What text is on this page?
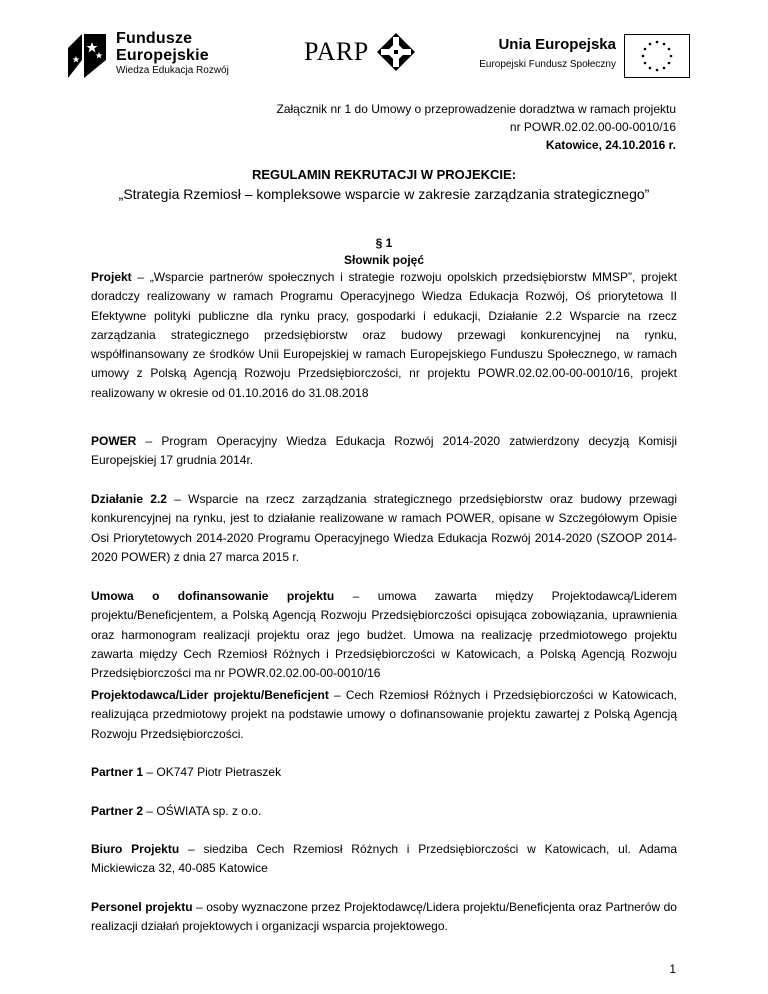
Fundusze
Europejskie
Wiedza Edukacja Rozwój
PARP	Unia Europejska
Europejski Fundusz Społeczny
Załącznik nr 1 do Umowy o przeprowadzenie doradztwa w ramach projektu
nr POWR.02.02.00-00-0010/16
Katowice, 24.10.2016 r.
REGULAMIN REKRUTACJI W PROJEKCIE:
„Strategia Rzemiosł – kompleksowe wsparcie w zakresie zarządzania strategicznego”
§ 1
Słownik pojęć
Projekt – „Wsparcie partnerów społecznych i strategie rozwoju opolskich przedsiębiorstw MMSP”, projekt doradczy realizowany w ramach Programu Operacyjnego Wiedza Edukacja Rozwój, Oś priorytetowa II Efektywne polityki publiczne dla rynku pracy, gospodarki i edukacji, Działanie 2.2 Wsparcie na rzecz zarządzania strategicznego przedsiębiorstw oraz budowy przewagi konkurencyjnej na rynku, współfinansowany ze środków Unii Europejskiej w ramach Europejskiego Funduszu Społecznego, w ramach umowy z Polską Agencją Rozwoju Przedsiębiorczości, nr projektu POWR.02.02.00-00-0010/16, projekt realizowany w okresie od 01.10.2016 do 31.08.2018
POWER – Program Operacyjny Wiedza Edukacja Rozwój 2014-2020 zatwierdzony decyzją Komisji Europejskiej 17 grudnia 2014r.
Działanie 2.2 – Wsparcie na rzecz zarządzania strategicznego przedsiębiorstw oraz budowy przewagi konkurencyjnej na rynku, jest to działanie realizowane w ramach POWER, opisane w Szczegółowym Opisie Osi Priorytetowych 2014-2020 Programu Operacyjnego Wiedza Edukacja Rozwój 2014-2020 (SZOOP 2014-2020 POWER) z dnia 27 marca 2015 r.
Umowa o dofinansowanie projektu – umowa zawarta między Projektodawcą/Liderem projektu/Beneficjentem, a Polską Agencją Rozwoju Przedsiębiorczości opisująca zobowiązania, uprawnienia oraz harmonogram realizacji projektu oraz jego budżet. Umowa na realizację przedmiotowego projektu zawarta między Cech Rzemiosł Różnych i Przedsiębiorczości w Katowicach, a Polską Agencją Rozwoju Przedsiębiorczości ma nr POWR.02.02.00-00-0010/16
Projektodawca/Lider projektu/Beneficjent – Cech Rzemiosł Różnych i Przedsiębiorczości w Katowicach, realizująca przedmiotowy projekt na podstawie umowy o dofinansowanie projektu zawartej z Polską Agencją Rozwoju Przedsiębiorczości.
Partner 1 – OK747 Piotr Pietraszek
Partner 2 – OŚWIATA sp. z o.o.
Biuro Projektu – siedziba Cech Rzemiosł Różnych i Przedsiębiorczości w Katowicach, ul. Adama Mickiewicza 32, 40-085 Katowice
Personel projektu – osoby wyznaczone przez Projektodawcę/Lidera projektu/Beneficjenta oraz Partnerów do realizacji działań projektowych i organizacji wsparcia projektowego.
1
